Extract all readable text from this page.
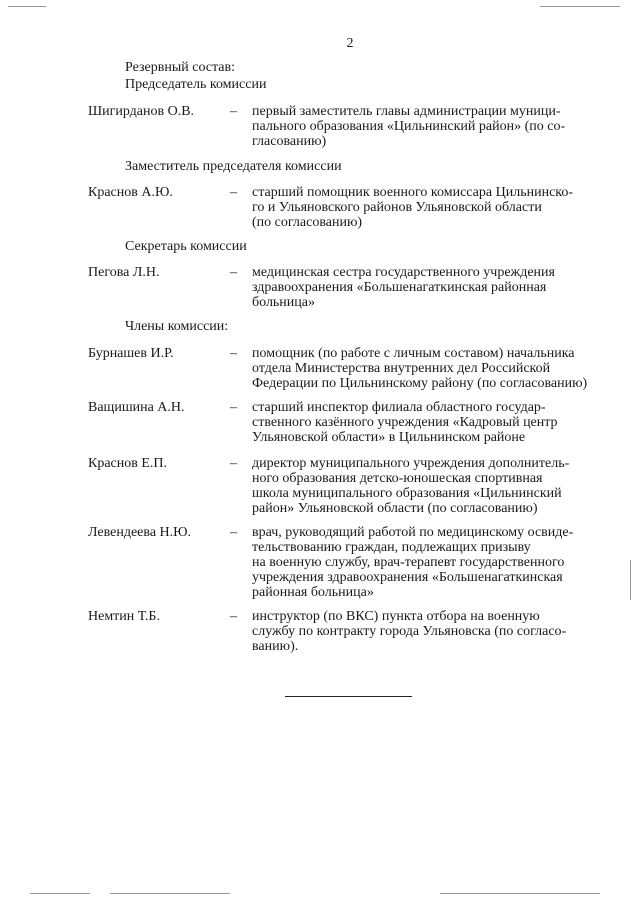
2
Резервный состав:
Председатель комиссии
Шигирданов О.В.	– первый заместитель главы администрации муници-
пального образования «Цильнинский район» (по со-
гласованию)
Заместитель председателя комиссии
Краснов А.Ю.	– старший помощник военного комиссара Цильнинско-
го и Ульяновского районов Ульяновской области
(по согласованию)
Секретарь комиссии
Пегова Л.Н.	– медицинская сестра государственного учреждения
здравоохранения «Большенагаткинская районная
больница»
Члены комиссии:
Бурнашев И.Р.	– помощник (по работе с личным составом) начальника
отдела Министерства внутренних дел Российской
Федерации по Цильнинскому району (по согласованию)
Ващишина А.Н.	– старший инспектор филиала областного государ-
ственного казённого учреждения «Кадровый центр
Ульяновской области» в Цильнинском районе
Краснов Е.П.	– директор муниципального учреждения дополнитель-
ного образования детско-юношеская спортивная
школа муниципального образования «Цильнинский
район» Ульяновской области (по согласованию)
Левендеева Н.Ю.	– врач, руководящий работой по медицинскому освиде-
тельствованию граждан, подлежащих призыву
на военную службу, врач-терапевт государственного
учреждения здравоохранения «Большенагаткинская
районная больница»
Немтин Т.Б.	– инструктор (по ВКС) пункта отбора на военную
службу по контракту города Ульяновска (по согласо-
ванию).
